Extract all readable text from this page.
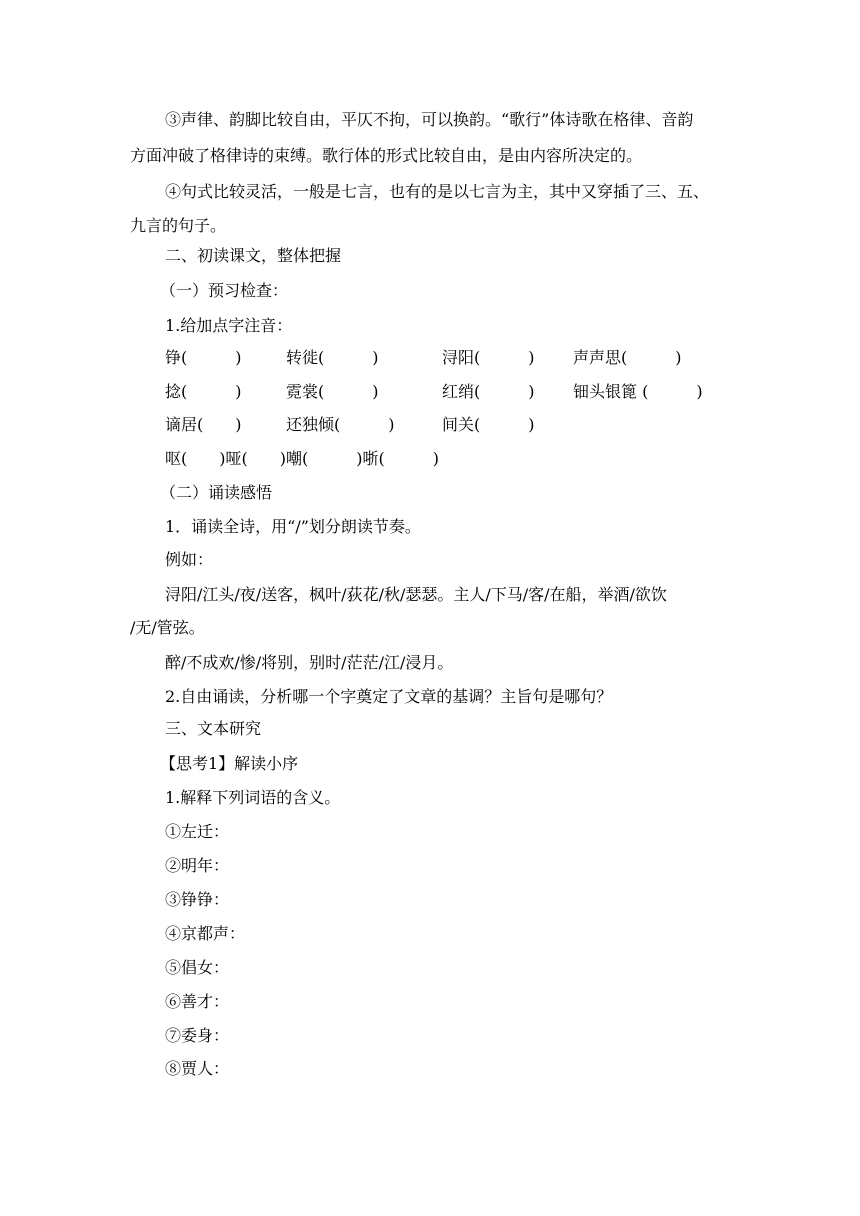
③声律、韵脚比较自由，平仄不拘，可以换韵。“歌行”体诗歌在格律、音韵
方面冲破了格律诗的束缚。歌行体的形式比较自由，是由内容所决定的。
④句式比较灵活，一般是七言，也有的是以七言为主，其中又穿插了三、五、
九言的句子。
二、初读课文，整体把握
（一）预习检查：
1.给加点字注音：
铮(　　　)	转徙(　　　)	浔阳(　　　) 声声思(　　　)
捻(　　　)	霓裳(　　　)	红绡(　　　) 钿头银篦 (　　　)
谪居(　　)	还独倾(　　　)	间关(　　　)
呕(　　)哑(　　)嘲(　　　)哳(　　　)
（二）诵读感悟
1．诵读全诗，用“/”划分朗读节奏。
例如：
浔阳/江头/夜/送客，枫叶/荻花/秋/瑟瑟。主人/下马/客/在船，举酒/欲饮
/无/管弦。
醉/不成欢/惨/将别，别时/茫茫/江/浸月。
2.自由诵读，分析哪一个字奠定了文章的基调？主旨句是哪句？
三、文本研究
【思考1】解读小序
1.解释下列词语的含义。
①左迁：
②明年：
③铮铮：
④京都声：
⑤倡女：
⑥善才：
⑦委身：
⑧贾人：
